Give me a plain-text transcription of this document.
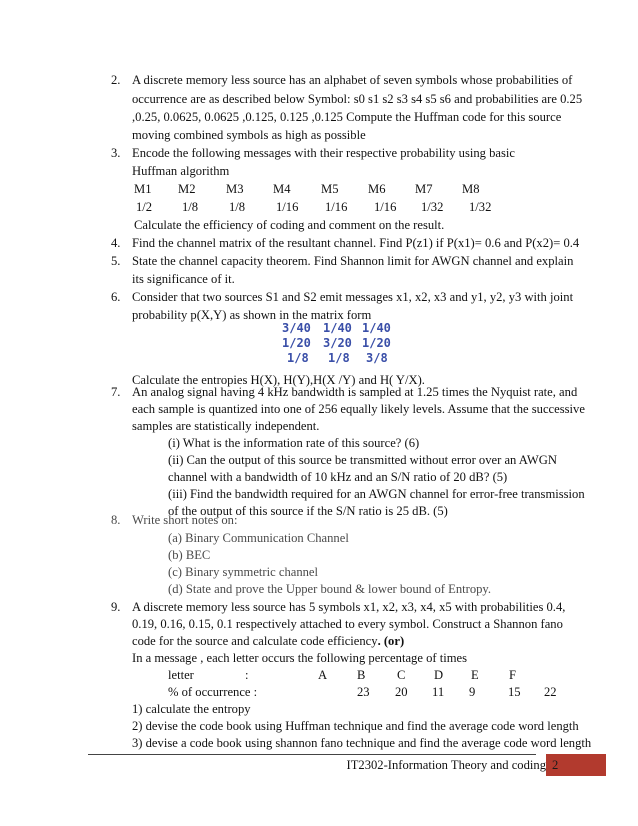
2. A discrete memory less source has an alphabet of seven symbols whose probabilities of
occurrence are as described below Symbol: s0 s1 s2 s3 s4 s5 s6 and probabilities are 0.25
,0.25, 0.0625, 0.0625 ,0.125, 0.125 ,0.125 Compute the Huffman code for this source
moving combined symbols as high as possible
3. Encode the following messages with their respective probability using basic
Huffman algorithm
M1 M2 M3 M4 M5 M6 M7 M8
1/2 1/8 1/8 1/16 1/16 1/16 1/32 1/32
Calculate the efficiency of coding and comment on the result.
4. Find the channel matrix of the resultant channel. Find P(z1) if P(x1)= 0.6 and P(x2)= 0.4
5. State the channel capacity theorem. Find Shannon limit for AWGN channel and explain
its significance of it.
6. Consider that two sources S1 and S2 emit messages x1, x2, x3 and y1, y2, y3 with joint
probability p(X,Y) as shown in the matrix form
3/40 1/40 1/40
1/20 3/20 1/20
1/8 1/8 3/8
Calculate the entropies H(X), H(Y),H(X /Y) and H( Y/X).
7. An analog signal having 4 kHz bandwidth is sampled at 1.25 times the Nyquist rate, and
each sample is quantized into one of 256 equally likely levels. Assume that the successive
samples are statistically independent.
(i) What is the information rate of this source? (6)
(ii) Can the output of this source be transmitted without error over an AWGN
channel with a bandwidth of 10 kHz and an S/N ratio of 20 dB? (5)
(iii) Find the bandwidth required for an AWGN channel for error-free transmission
of the output of this source if the S/N ratio is 25 dB. (5)
8. Write short notes on:
(a) Binary Communication Channel
(b) BEC
(c) Binary symmetric channel
(d) State and prove the Upper bound & lower bound of Entropy.
9. A discrete memory less source has 5 symbols x1, x2, x3, x4, x5 with probabilities 0.4,
0.19, 0.16, 0.15, 0.1 respectively attached to every symbol. Construct a Shannon fano
code for the source and calculate code efficiency. (or)
In a message , each letter occurs the following percentage of times
letter	:	A B	C D E F
% of occurrence :	23 20 11 9	15 22
1) calculate the entropy
IT2302-Information Theory and coding 2
2) devise the code book using Huffman technique and find the average code word length
3) devise a code book using shannon fano technique and find the average code word length
